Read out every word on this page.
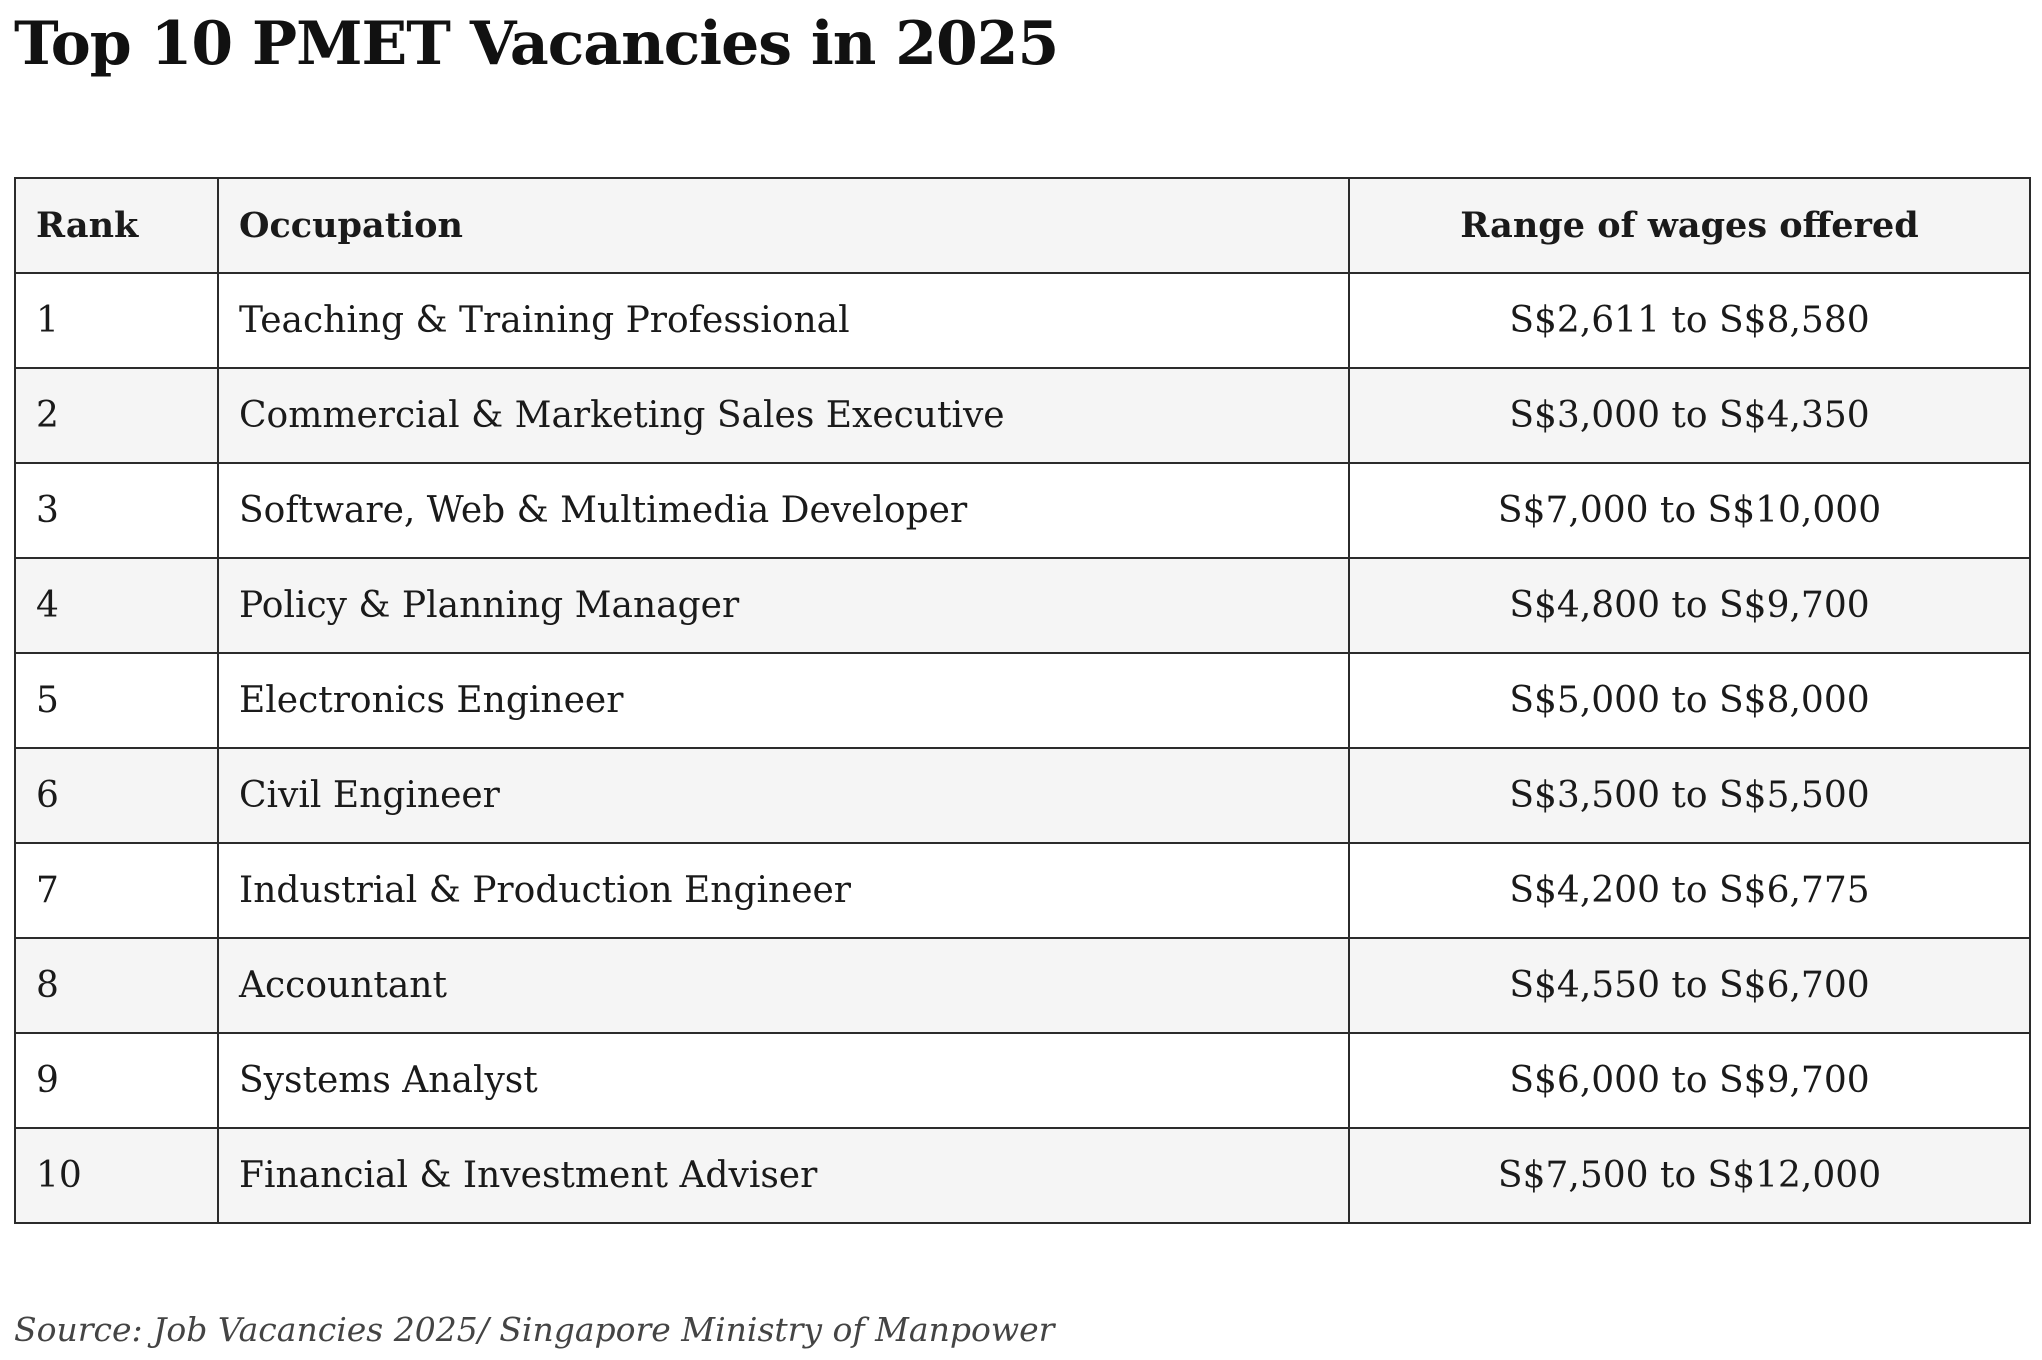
Top 10 PMET Vacancies in 2025
Rank	Occupation	Range of wages offered
1	Teaching & Training Professional	S$2,611 to S$8,580
2	Commercial & Marketing Sales Executive	S$3,000 to S$4,350
3	Software, Web & Multimedia Developer	S$7,000 to S$10,000
4	Policy & Planning Manager	S$4,800 to S$9,700
5	Electronics Engineer	S$5,000 to S$8,000
6	Civil Engineer	S$3,500 to S$5,500
7	Industrial & Production Engineer	S$4,200 to S$6,775
8	Accountant	S$4,550 to S$6,700
9	Systems Analyst	S$6,000 to S$9,700
10	Financial & Investment Adviser	S$7,500 to S$12,000

Source: Job Vacancies 2025/ Singapore Ministry of Manpower
